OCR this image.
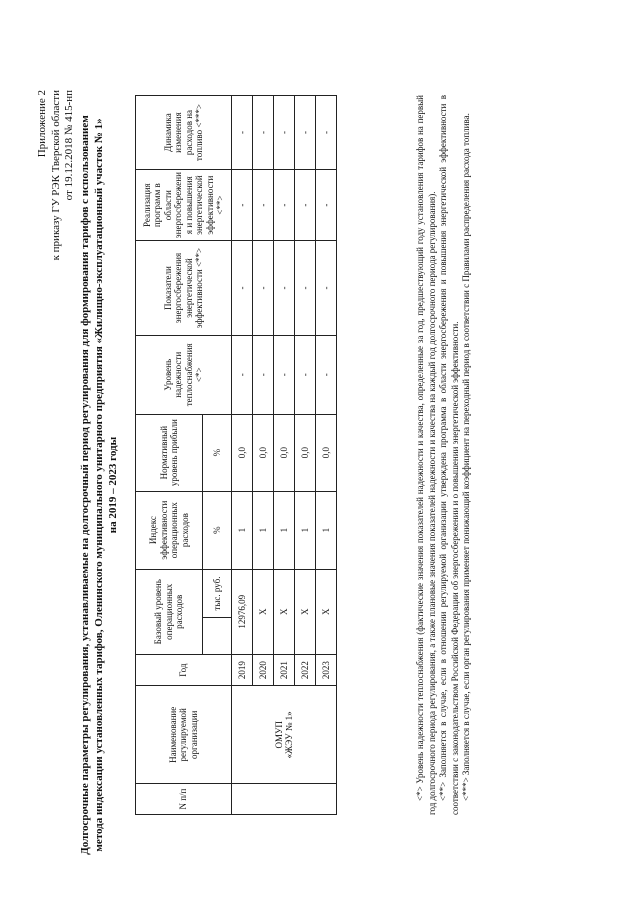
Приложение 2 к приказу ГУ РЭК Тверской области от 19.12.2018 № 415-нп Долгосрочные параметры регулирования, устанавливаемые на долгосрочный период регулирования для формирования тарифов с использованием метода индексации установленных тарифов, Оленинского муниципального унитарного предприятия «Жилищно-эксплуатационный участок № 1» на 2019 – 2023 годы
N п/п	Наименование регулируемой организации	Год	Базовый уровень операционных расходов		Индекс эффективности операционных расходов	Нормативный уровень прибыли	Уровень надежности теплоснабжения <*>	Показатели энергосбережения энергетической эффективности <**>	Реализация программ в области энергосбережени я и повышения энергетической эффективности <**>	Динамика изменения расходов на топливо <***>
				тыс. руб.	%	%				

	ОМУП «ЖЭУ № 1»	2019	12976,09		1	0,0	-	-	-	-
		2020	X		1	0,0	-	-	-	-
		2021	X		1	0,0	-	-	-	-
		2022	X		1	0,0	-	-	-	-
		2023	X		1	0,0	-	-	-	-	<*> Уровень надежности теплоснабжения (фактические значения показателей надежности и качества, определенные за год, предшествующий году установления тарифов на первый год долгосрочного периода регулирования, а также плановые значения показателей надежности и качества на каждый год долгосрочного периода регулирования). <**> Заполняется в случае, если в отношении регулируемой организации утверждена программа в области энергосбережения и повышения энергетической эффективности в соответствии с законодательством Российской Федерации об энергосбережении и о повышении энергетической эффективности. <***> Заполняется в случае, если орган регулирования применяет понижающий коэффициент на переходный период в соответствии с Правилами распределения расхода топлива.
